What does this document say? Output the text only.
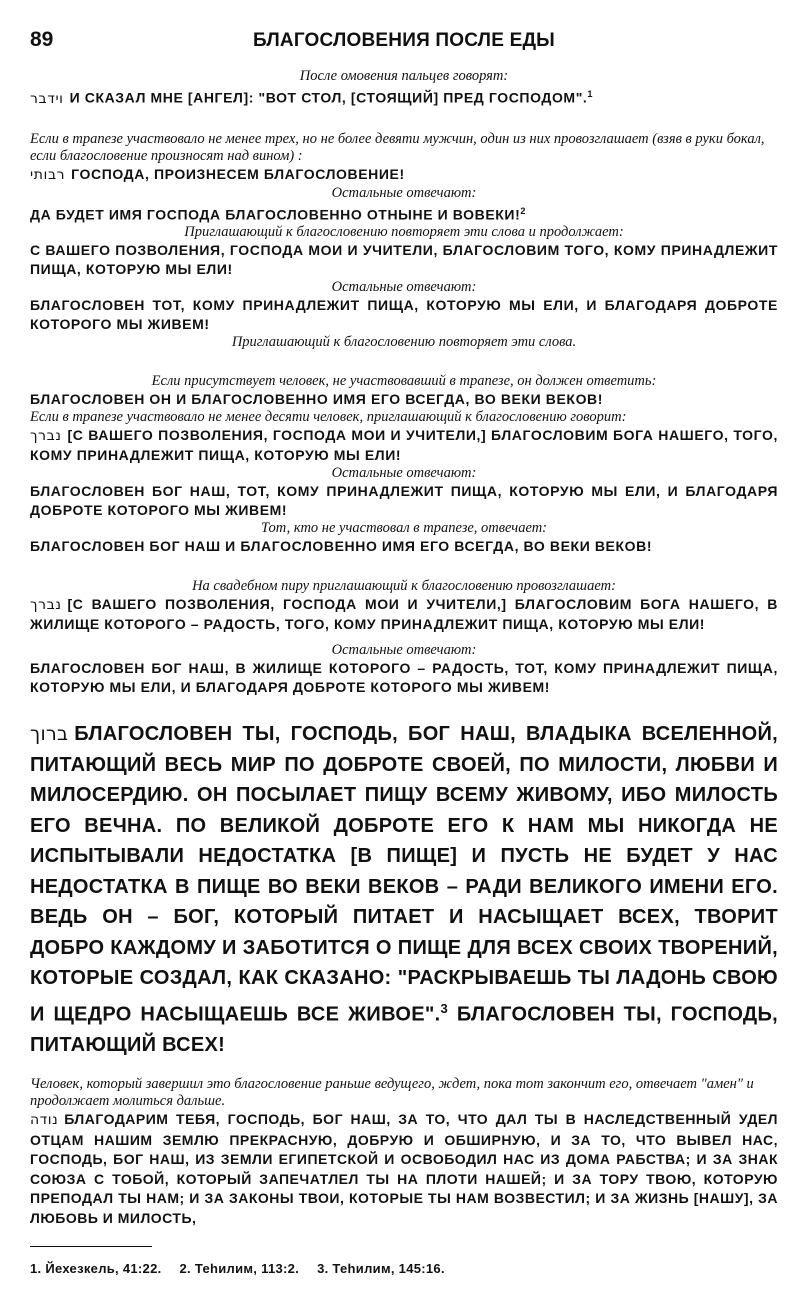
89	БЛАГОСЛОВЕНИЯ ПОСЛЕ ЕДЫ
После омовения пальцев говорят:
וידבר И СКАЗАЛ МНЕ [АНГЕЛ]: "ВОТ СТОЛ, [СТОЯЩИЙ] ПРЕД ГОСПОДОМ".$^1$
Если в трапезе участвовало не менее трех, но не более девяти мужчин, один из них провозглашает (взяв в руки бокал, если благословение произносят над вином) :
רבותי ГОСПОДА, ПРОИЗНЕСЕМ БЛАГОСЛОВЕНИЕ!
Остальные отвечают:
ДА БУДЕТ ИМЯ ГОСПОДА БЛАГОСЛОВЕННО ОТНЫНЕ И ВОВЕКИ!$^2$
Приглашающий к благословению повторяет эти слова и продолжает:
С ВАШЕГО ПОЗВОЛЕНИЯ, ГОСПОДА МОИ И УЧИТЕЛИ, БЛАГОСЛОВИМ ТОГО, КОМУ ПРИНАДЛЕЖИТ ПИЩА, КОТОРУЮ МЫ ЕЛИ!
Остальные отвечают:
БЛАГОСЛОВЕН ТОТ, КОМУ ПРИНАДЛЕЖИТ ПИЩА, КОТОРУЮ МЫ ЕЛИ, И БЛАГОДАРЯ ДОБРОТЕ КОТОРОГО МЫ ЖИВЕМ!
Приглашающий к благословению повторяет эти слова.
Если присутствует человек, не участвовавший в трапезе, он должен ответить:
БЛАГОСЛОВЕН ОН И БЛАГОСЛОВЕННО ИМЯ ЕГО ВСЕГДА, ВО ВЕКИ ВЕКОВ!
Если в трапезе участвовало не менее десяти человек, приглашающий к благословению говорит:
נברך [С ВАШЕГО ПОЗВОЛЕНИЯ, ГОСПОДА МОИ И УЧИТЕЛИ,] БЛАГОСЛОВИМ БОГА НАШЕГО, ТОГО, КОМУ ПРИНАДЛЕЖИТ ПИЩА, КОТОРУЮ МЫ ЕЛИ!
Остальные отвечают:
БЛАГОСЛОВЕН БОГ НАШ, ТОТ, КОМУ ПРИНАДЛЕЖИТ ПИЩА, КОТОРУЮ МЫ ЕЛИ, И БЛАГОДАРЯ ДОБРОТЕ КОТОРОГО МЫ ЖИВЕМ!
Тот, кто не участвовал в трапезе, отвечает:
БЛАГОСЛОВЕН БОГ НАШ И БЛАГОСЛОВЕННО ИМЯ ЕГО ВСЕГДА, ВО ВЕКИ ВЕКОВ!
На свадебном пиру приглашающий к благословению провозглашает:
נברך [С ВАШЕГО ПОЗВОЛЕНИЯ, ГОСПОДА МОИ И УЧИТЕЛИ,] БЛАГОСЛОВИМ БОГА НАШЕГО, В ЖИЛИЩЕ КОТОРОГО – РАДОСТЬ, ТОГО, КОМУ ПРИНАДЛЕЖИТ ПИЩА, КОТОРУЮ МЫ ЕЛИ!
Остальные отвечают:
БЛАГОСЛОВЕН БОГ НАШ, В ЖИЛИЩЕ КОТОРОГО – РАДОСТЬ, ТОТ, КОМУ ПРИНАДЛЕЖИТ ПИЩА, КОТОРУЮ МЫ ЕЛИ, И БЛАГОДАРЯ ДОБРОТЕ КОТОРОГО МЫ ЖИВЕМ!
ברוך БЛАГОСЛОВЕН ТЫ, ГОСПОДЬ, БОГ НАШ, ВЛАДЫКА ВСЕЛЕННОЙ, ПИТАЮЩИЙ ВЕСЬ МИР ПО ДОБРОТЕ СВОЕЙ, ПО МИЛОСТИ, ЛЮБВИ И МИЛОСЕРДИЮ. ОН ПОСЫЛАЕТ ПИЩУ ВСЕМУ ЖИВОМУ, ИБО МИЛОСТЬ ЕГО ВЕЧНА. ПО ВЕЛИКОЙ ДОБРОТЕ ЕГО К НАМ МЫ НИКОГДА НЕ ИСПЫТЫВАЛИ НЕДОСТАТКА [В ПИЩЕ] И ПУСТЬ НЕ БУДЕТ У НАС НЕДОСТАТКА В ПИЩЕ ВО ВЕКИ ВЕКОВ – РАДИ ВЕЛИКОГО ИМЕНИ ЕГО. ВЕДЬ ОН – БОГ, КОТОРЫЙ ПИТАЕТ И НАСЫЩАЕТ ВСЕХ, ТВОРИТ ДОБРО КАЖДОМУ И ЗАБОТИТСЯ О ПИЩЕ ДЛЯ ВСЕХ СВОИХ ТВОРЕНИЙ, КОТОРЫЕ СОЗДАЛ, КАК СКАЗАНО: "РАСКРЫВАЕШЬ ТЫ ЛАДОНЬ СВОЮ И ЩЕДРО НАСЫЩАЕШЬ ВСЕ ЖИВОЕ".$^3$ БЛАГОСЛОВЕН ТЫ, ГОСПОДЬ, ПИТАЮЩИЙ ВСЕХ!
Человек, который завершил это благословение раньше ведущего, ждет, пока тот закончит его, отвечает "амен" и продолжает молиться дальше.
נודה БЛАГОДАРИМ ТЕБЯ, ГОСПОДЬ, БОГ НАШ, ЗА ТО, ЧТО ДАЛ ТЫ В НАСЛЕДСТВЕННЫЙ УДЕЛ ОТЦАМ НАШИМ ЗЕМЛЮ ПРЕКРАСНУЮ, ДОБРУЮ И ОБШИРНУЮ, И ЗА ТО, ЧТО ВЫВЕЛ НАС, ГОСПОДЬ, БОГ НАШ, ИЗ ЗЕМЛИ ЕГИПЕТСКОЙ И ОСВОБОДИЛ НАС ИЗ ДОМА РАБСТВА; И ЗА ЗНАК СОЮЗА С ТОБОЙ, КОТОРЫЙ ЗАПЕЧАТЛЕЛ ТЫ НА ПЛОТИ НАШЕЙ; И ЗА ТОРУ ТВОЮ, КОТОРУЮ ПРЕПОДАЛ ТЫ НАМ; И ЗА ЗАКОНЫ ТВОИ, КОТОРЫЕ ТЫ НАМ ВОЗВЕСТИЛ; И ЗА ЖИЗНЬ [НАШУ], ЗА ЛЮБОВЬ И МИЛОСТЬ,
1. Йехезкель, 41:22. 2. Теһилим, 113:2. 3. Теһилим, 145:16.
